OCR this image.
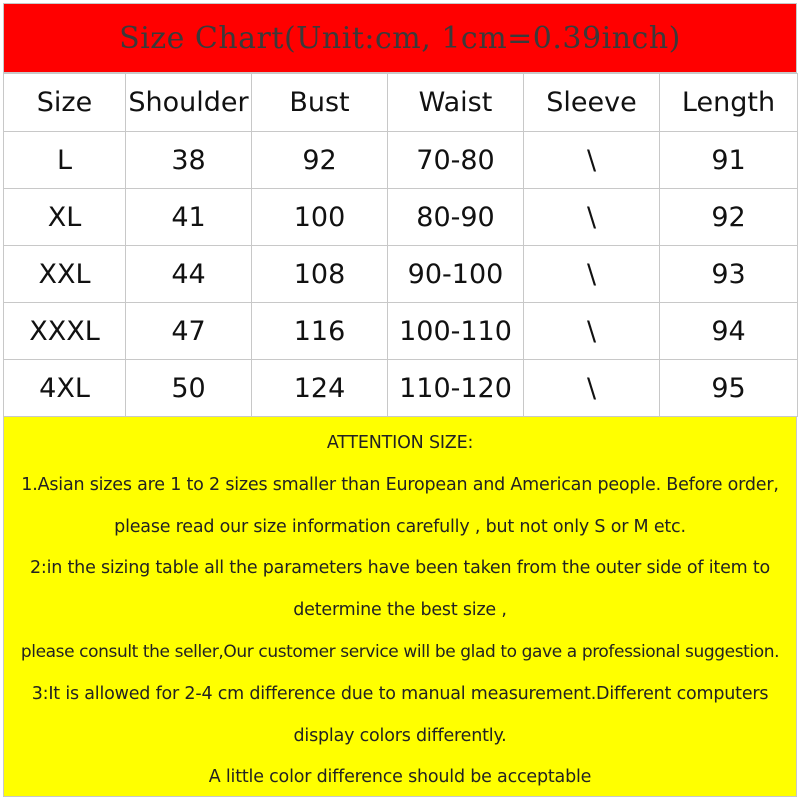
Size Chart(Unit:cm, 1cm=0.39inch)
Size	Shoulder	Bust	Waist	Sleeve	Length
L	38	92	70-80	\	91
XL	41	100	80-90	\	92
XXL	44	108	90-100	\	93
XXXL	47	116	100-110	\	94
4XL	50	124	110-120	\	95
ATTENTION SIZE:
1.Asian sizes are 1 to 2 sizes smaller than European and American people. Before order,
please read our size information carefully , but not only S or M etc.
2:in the sizing table all the parameters have been taken from the outer side of item to
determine the best size ,
please consult the seller,Our customer service will be glad to gave a professional suggestion.
3:It is allowed for 2-4 cm difference due to manual measurement.Different computers
display colors differently.
A little color difference should be acceptable
